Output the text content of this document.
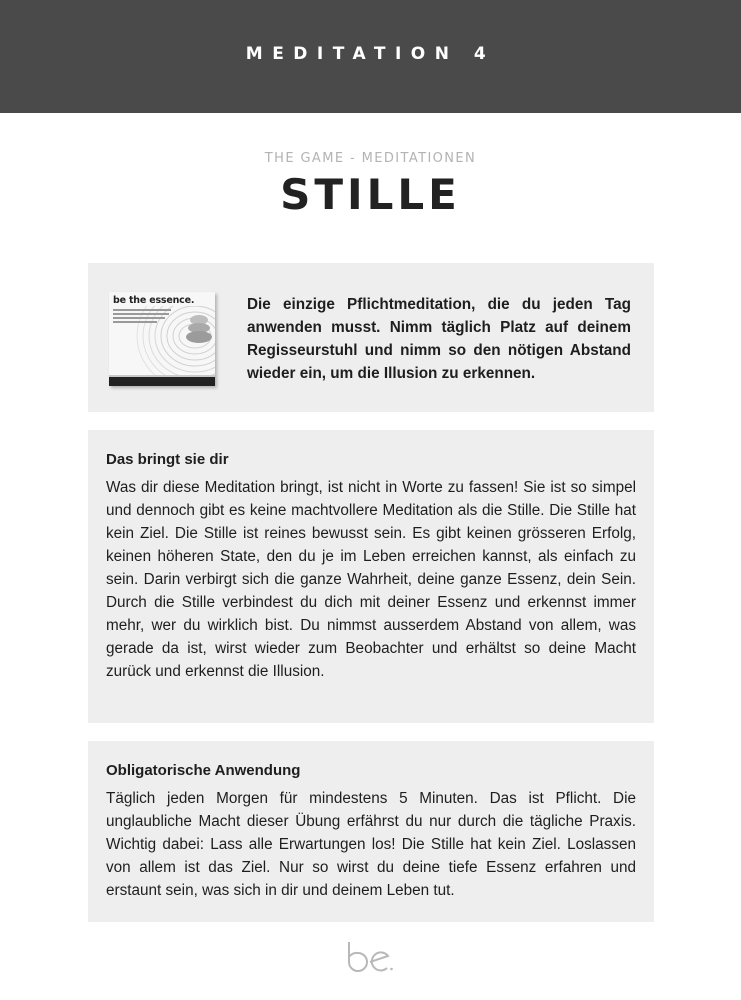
MEDITATION 4
THE GAME - MEDITATIONEN
STILLE
be the essence.	Die einzige Pflichtmeditation, die du jeden Tag anwenden musst. Nimm täglich Platz auf deinem Regisseurstuhl und nimm so den nötigen Abstand wieder ein, um die Illusion zu erkennen.

Das bringt sie dir

Was dir diese Meditation bringt, ist nicht in Worte zu fassen! Sie ist so simpel und dennoch gibt es keine machtvollere Meditation als die Stille. Die Stille hat kein Ziel. Die Stille ist reines bewusst sein. Es gibt keinen grösseren Erfolg, keinen höheren State, den du je im Leben erreichen kannst, als einfach zu sein. Darin verbirgt sich die ganze Wahrheit, deine ganze Essenz, dein Sein. Durch die Stille verbindest du dich mit deiner Essenz und erkennst immer mehr, wer du wirklich bist. Du nimmst ausserdem Abstand von allem, was gerade da ist, wirst wieder zum Beobachter und erhältst so deine Macht zurück und erkennst die Illusion.

Obligatorische Anwendung

Täglich jeden Morgen für mindestens 5 Minuten. Das ist Pflicht. Die unglaubliche Macht dieser Übung erfährst du nur durch die tägliche Praxis. Wichtig dabei: Lass alle Erwartungen los! Die Stille hat kein Ziel. Loslassen von allem ist das Ziel. Nur so wirst du deine tiefe Essenz erfahren und erstaunt sein, was sich in dir und deinem Leben tut.
